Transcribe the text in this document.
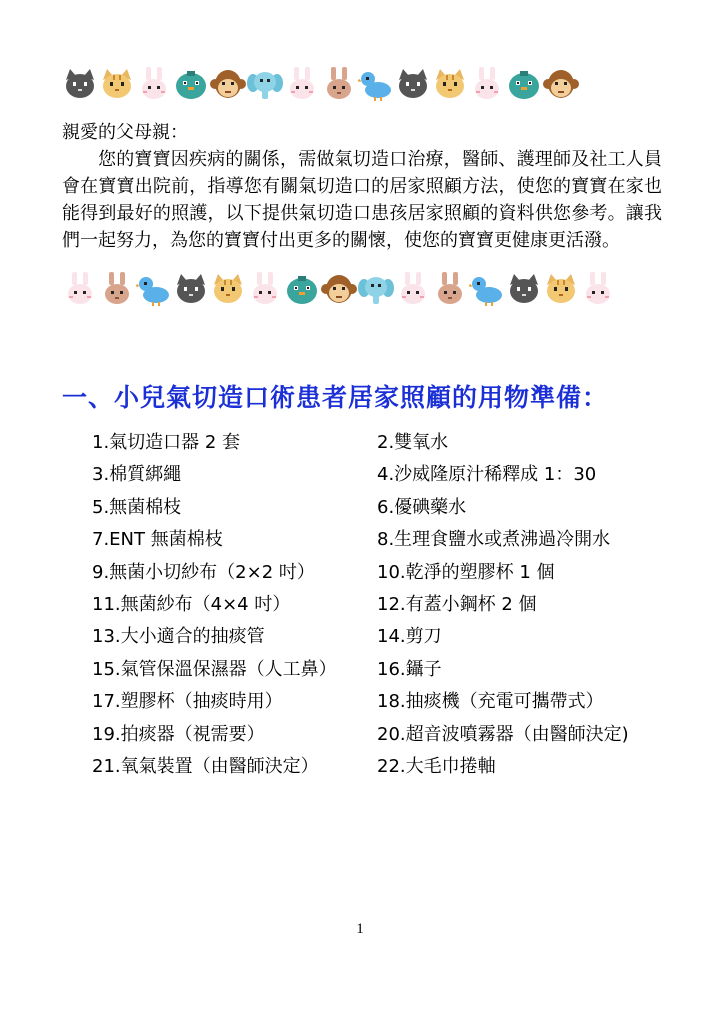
親愛的父母親：

您的寶寶因疾病的關係，需做氣切造口治療，醫師、護理師及社工人員會在寶寶出院前，指導您有關氣切造口的居家照顧方法，使您的寶寶在家也能得到最好的照護，以下提供氣切造口患孩居家照顧的資料供您參考。讓我們一起努力，為您的寶寶付出更多的關懷，使您的寶寶更健康更活潑。

一、小兒氣切造口術患者居家照顧的用物準備：
1.氣切造口器 2 套	2.雙氧水
3.棉質綁繩	4.沙威隆原汁稀釋成 1：30
5.無菌棉枝	6.優碘藥水
7.ENT 無菌棉枝	8.生理食鹽水或煮沸過冷開水
9.無菌小切紗布（2×2 吋）	10.乾淨的塑膠杯 1 個
11.無菌紗布（4×4 吋）	12.有蓋小鋼杯 2 個
13.大小適合的抽痰管	14.剪刀
15.氣管保溫保濕器（人工鼻）	16.鑷子
17.塑膠杯（抽痰時用）	18.抽痰機（充電可攜帶式）
19.拍痰器（視需要）	20.超音波噴霧器（由醫師決定)
21.氧氣裝置（由醫師決定）	22.大毛巾捲軸
1
